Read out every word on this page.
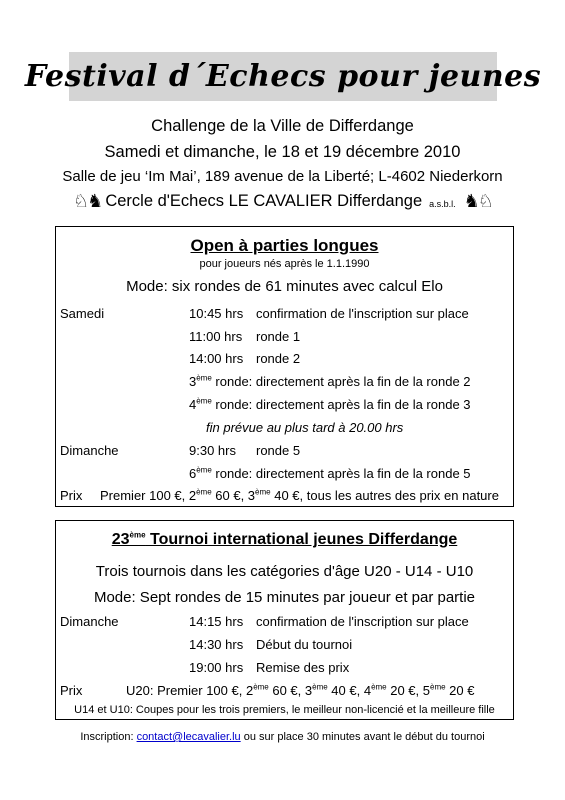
Festival d´Echecs pour jeunes
Challenge de la Ville de Differdange
Samedi et dimanche, le 18 et 19 décembre 2010
Salle de jeu ‘Im Mai’, 189 avenue de la Liberté; L-4602 Niederkorn
♘♞ Cercle d'Echecs LE CAVALIER Differdange a.s.b.l. ♞♘
Open à parties longues
pour joueurs nés après le 1.1.1990
Mode: six rondes de 61 minutes avec calcul Elo
Samedi	10:45 hrs confirmation de l'inscription sur place
11:00 hrs ronde 1
14:00 hrs ronde 2
3ème ronde: directement après la fin de la ronde 2
4ème ronde: directement après la fin de la ronde 3
fin prévue au plus tard à 20.00 hrs
Dimanche	9:30 hrs ronde 5
6ème ronde: directement après la fin de la ronde 5
Prix Premier 100 €, 2ème 60 €, 3ème 40 €, tous les autres des prix en nature
23ème Tournoi international jeunes Differdange
Trois tournois dans les catégories d'âge U20 - U14 - U10
Mode: Sept rondes de 15 minutes par joueur et par partie
Dimanche	14:15 hrs confirmation de l'inscription sur place
14:30 hrs Début du tournoi
19:00 hrs Remise des prix
Prix	U20: Premier 100 €, 2ème 60 €, 3ème 40 €, 4ème 20 €, 5ème 20 €
U14 et U10: Coupes pour les trois premiers, le meilleur non-licencié et la meilleure fille
Inscription: contact@lecavalier.lu ou sur place 30 minutes avant le début du tournoi
